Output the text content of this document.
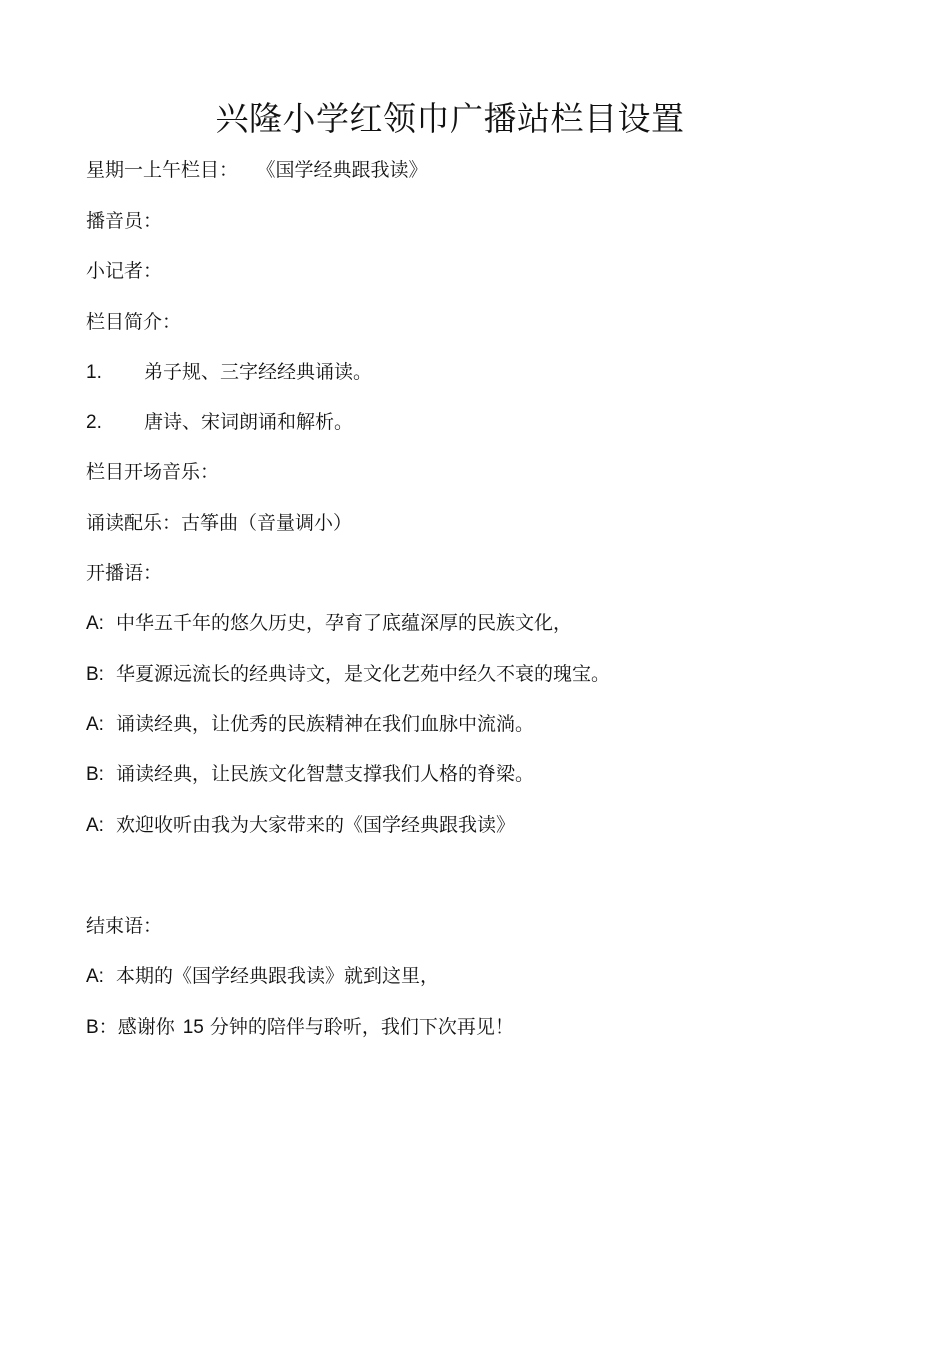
兴隆小学红领巾广播站栏目设置
星期一上午栏目： 《国学经典跟我读》
播音员：
小记者：
栏目简介：
1. 弟子规、三字经经典诵读。
2. 唐诗、宋词朗诵和解析。
栏目开场音乐：
诵读配乐：古筝曲（音量调小）
开播语：
A: 中华五千年的悠久历史，孕育了底蕴深厚的民族文化，
B: 华夏源远流长的经典诗文，是文化艺苑中经久不衰的瑰宝。
A: 诵读经典，让优秀的民族精神在我们血脉中流淌。
B: 诵读经典，让民族文化智慧支撑我们人格的脊梁。
A: 欢迎收听由我为大家带来的《国学经典跟我读》
结束语：
A: 本期的《国学经典跟我读》就到这里，
B：感谢你 15 分钟的陪伴与聆听，我们下次再见！
